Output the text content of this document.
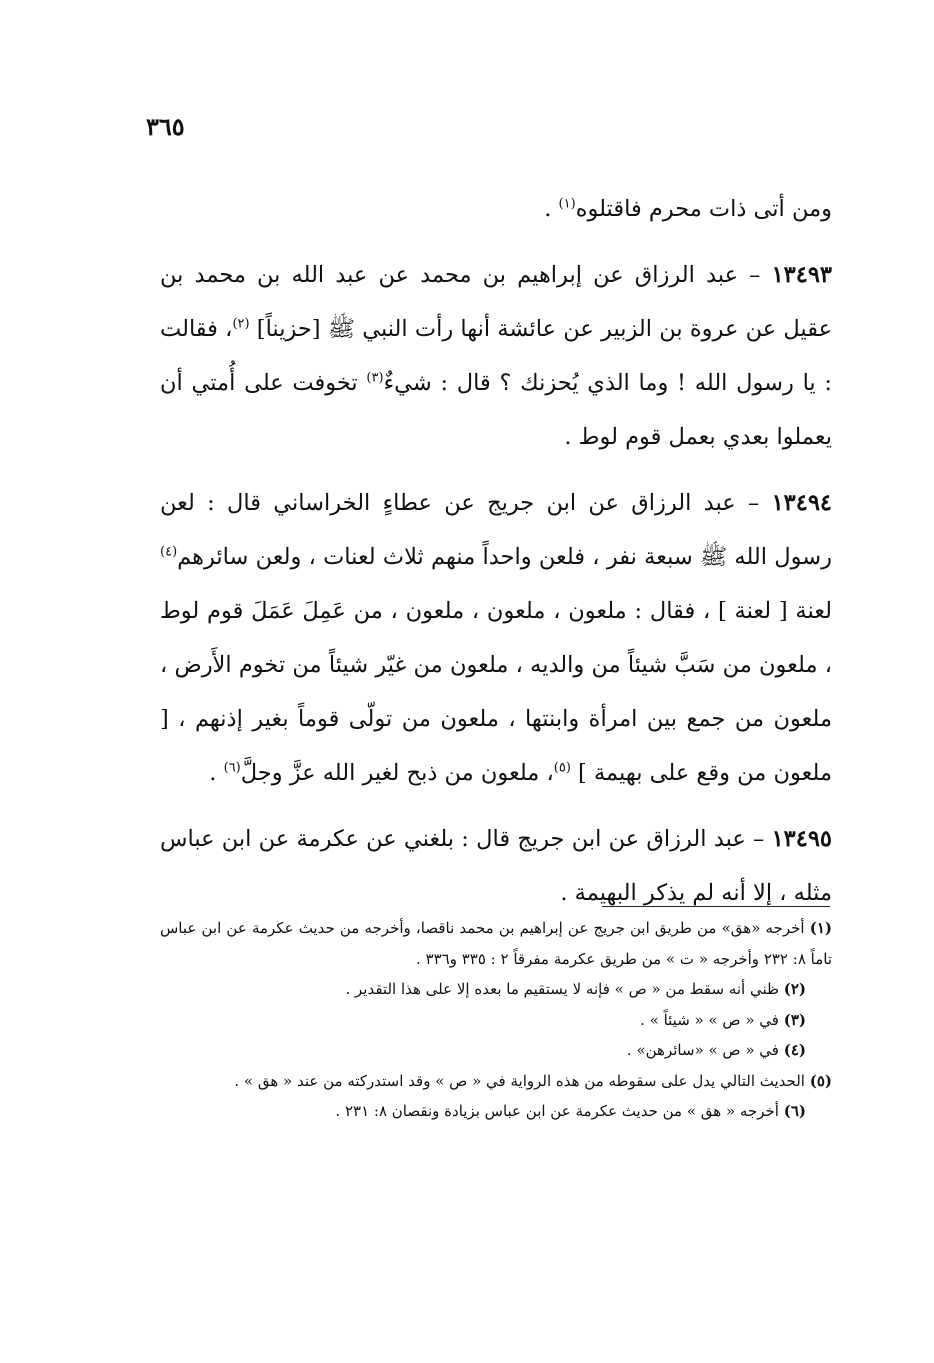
٣٦٥

ومن أتى ذات محرم فاقتلوه$^{(١)}$ .

١٣٤٩٣ – عبد الرزاق عن إبراهيم بن محمد عن عبد الله بن محمد بن عقيل عن عروة بن الزبير عن عائشة أنها رأت النبي ﷺ [حزيناً] $^{(٢)}$، فقالت : يا رسول الله ! وما الذي يُحزنك ؟ قال : شيءٌ$^{(٣)}$ تخوفت على أُمتي أن يعملوا بعدي بعمل قوم لوط .

١٣٤٩٤ – عبد الرزاق عن ابن جريج عن عطاءٍ الخراساني قال : لعن رسول الله ﷺ سبعة نفر ، فلعن واحداً منهم ثلاث لعنات ، ولعن سائرهم$^{(٤)}$ لعنة [ لعنة ] ، فقال : ملعون ، ملعون ، ملعون ، من عَمِلَ عَمَلَ قوم لوط ، ملعون من سَبَّ شيئاً من والديه ، ملعون من غيّر شيئاً من تخوم الأَرض ، ملعون من جمع بين امرأة وابنتها ، ملعون من تولّى قوماً بغير إذنهم ، [ ملعون من وقع على بهيمة ] $^{(٥)}$، ملعون من ذبح لغير الله عزَّ وجلَّ$^{(٦)}$ .

١٣٤٩٥ – عبد الرزاق عن ابن جريج قال : بلغني عن عكرمة عن ابن عباس مثله ، إلا أنه لم يذكر البهيمة .

(١) أخرجه «هق» من طريق ابن جريج عن إبراهيم بن محمد ناقصا، وأخرجه من حديث عكرمة عن ابن عباس تاماً ٨: ٢٣٢ وأخرجه « ت » من طريق عكرمة مفرقاً ٢ : ٣٣٥ و٣٣٦ .

(٢) ظني أنه سقط من « ص » فإنه لا يستقيم ما بعده إلا على هذا التقدير .

(٣) في « ص » « شيئاً » .

(٤) في « ص » «سائرهن» .

(٥) الحديث التالي يدل على سقوطه من هذه الرواية في « ص » وقد استدركته من عند « هق » .

(٦) أخرجه « هق » من حديث عكرمة عن ابن عباس بزيادة ونقصان ٨: ٢٣١ .
